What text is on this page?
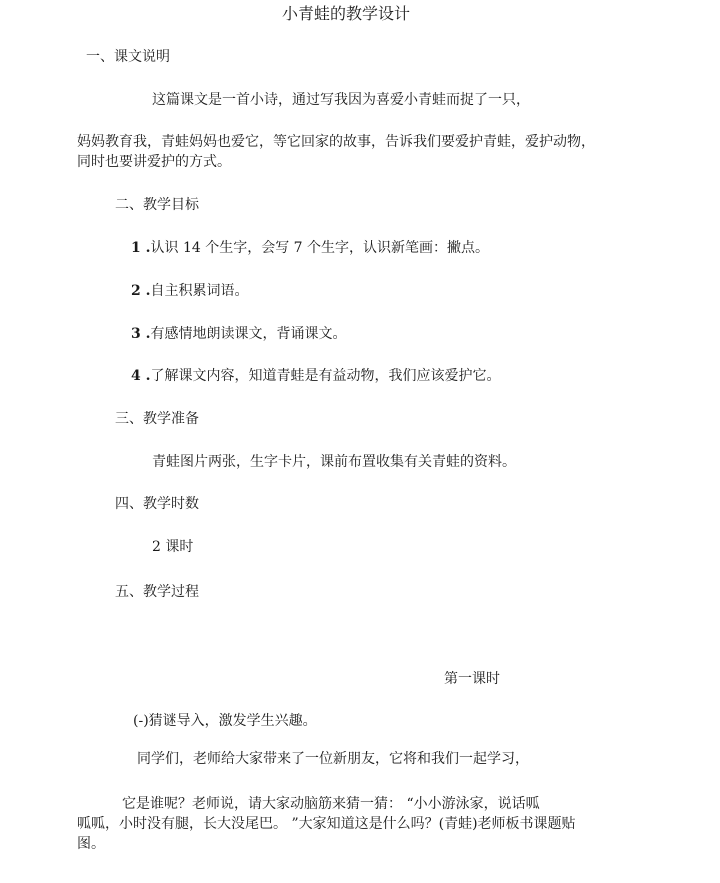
小青蛙的教学设计
一、课文说明
这篇课文是一首小诗，通过写我因为喜爱小青蛙而捉了一只，
妈妈教育我，青蛙妈妈也爱它，等它回家的故事，告诉我们要爱护青蛙，爱护动物，
同时也要讲爱护的方式。
二、教学目标
1 .认识 14 个生字，会写 7 个生字，认识新笔画：撇点。
2 .自主积累词语。
3 .有感情地朗读课文，背诵课文。
4 .了解课文内容，知道青蛙是有益动物，我们应该爱护它。
三、教学准备
青蛙图片两张，生字卡片，课前布置收集有关青蛙的资料。
四、教学时数
2 课时
五、教学过程
第一课时
(-)猜谜导入，激发学生兴趣。
同学们，老师给大家带来了一位新朋友，它将和我们一起学习，
它是谁呢？老师说，请大家动脑筋来猜一猜： “小小游泳家，说话呱
呱呱，小时没有腿，长大没尾巴。 ”大家知道这是什么吗？(青蛙)老师板书课题贴
图。
